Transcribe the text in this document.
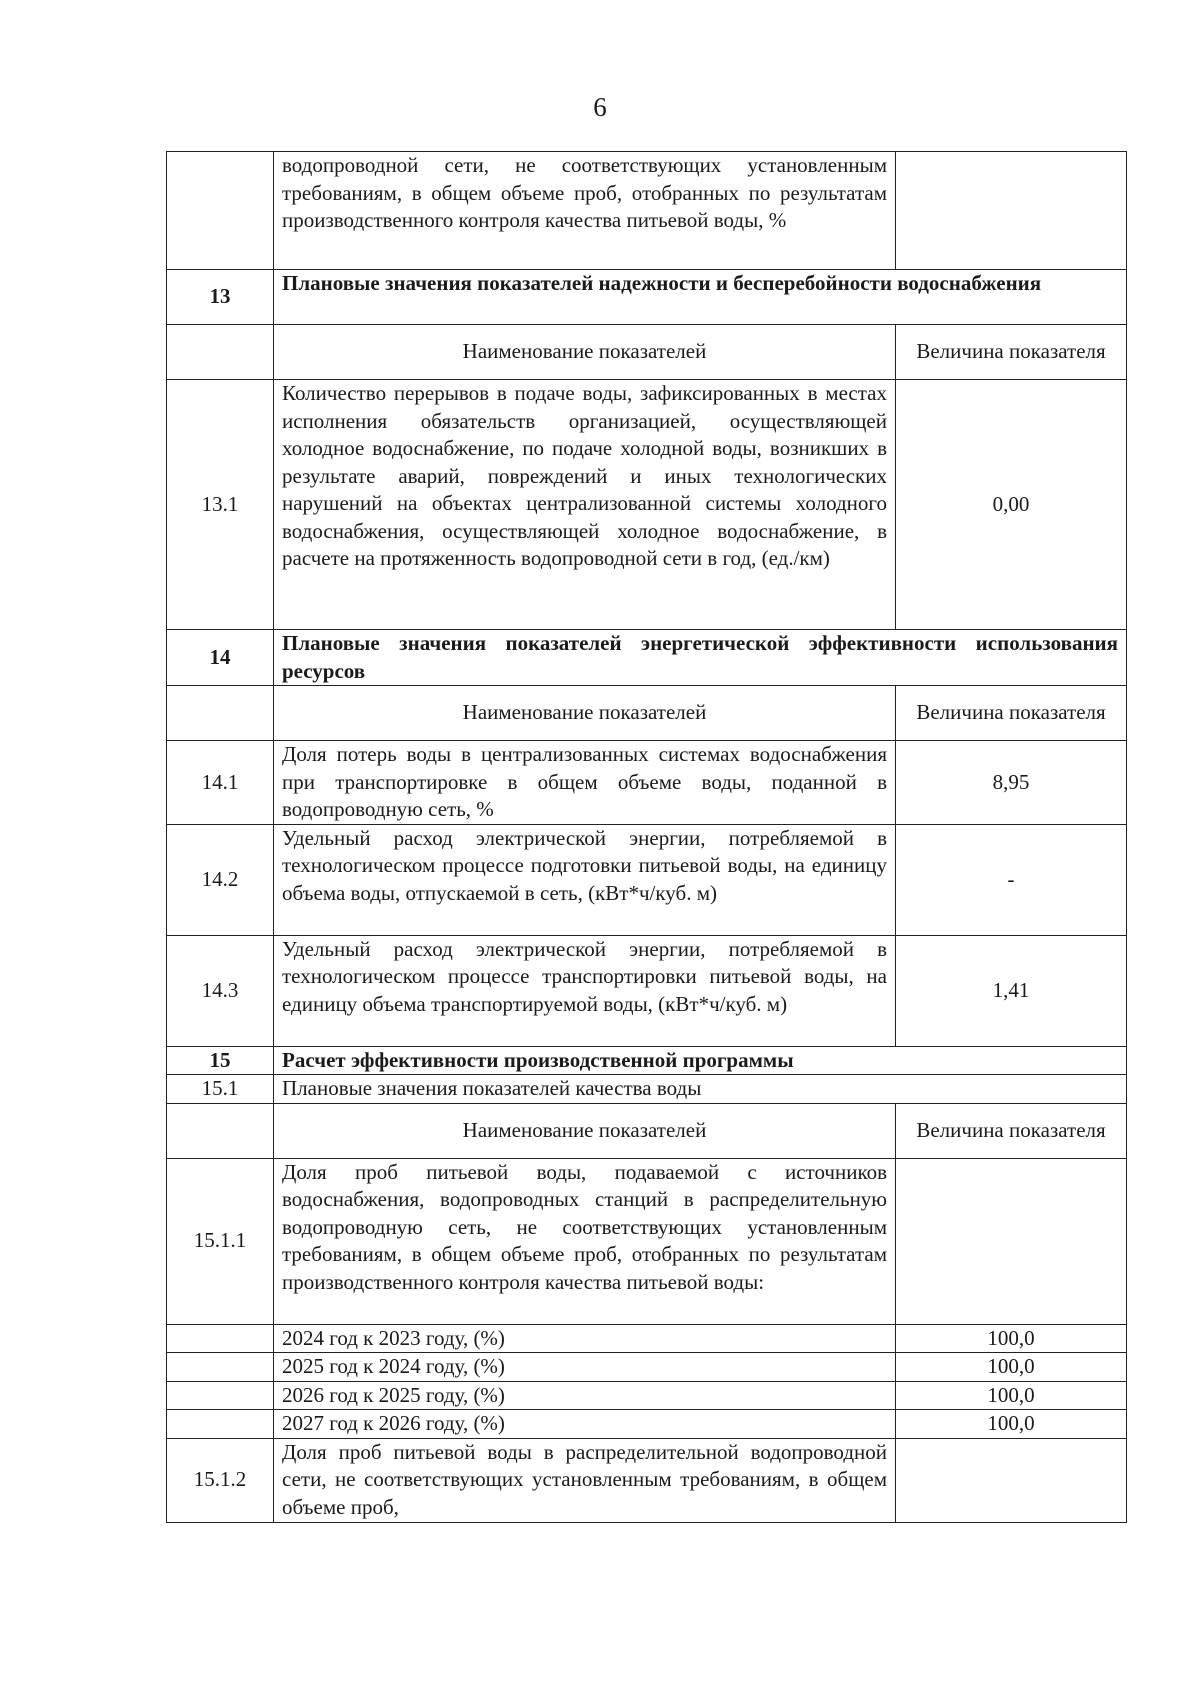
6
	водопроводной сети, не соответствующих установленным требованиям, в общем объеме проб, отобранных по результатам производственного контроля качества питьевой воды, %	
13	Плановые значения показателей надежности и бесперебойности водоснабжения	
	Наименование показателей	Величина показателя
13.1	Количество перерывов в подаче воды, зафиксированных в местах исполнения обязательств организацией, осуществляющей холодное водоснабжение, по подаче холодной воды, возникших в результате аварий, повреждений и иных технологических нарушений на объектах централизованной системы холодного водоснабжения, осуществляющей холодное водоснабжение, в расчете на протяженность водопроводной сети в год, (ед./км)	0,00
14	Плановые значения показателей энергетической эффективности использования ресурсов	
	Наименование показателей	Величина показателя
14.1	Доля потерь воды в централизованных системах водоснабжения при транспортировке в общем объеме воды, поданной в водопроводную сеть, %	8,95
14.2	Удельный расход электрической энергии, потребляемой в технологическом процессе подготовки питьевой воды, на единицу объема воды, отпускаемой в сеть, (кВт*ч/куб. м)	-
14.3	Удельный расход электрической энергии, потребляемой в технологическом процессе транспортировки питьевой воды, на единицу объема транспортируемой воды, (кВт*ч/куб. м)	1,41
15	Расчет эффективности производственной программы	
15.1	Плановые значения показателей качества воды	
	Наименование показателей	Величина показателя
15.1.1	Доля проб питьевой воды, подаваемой с источников водоснабжения, водопроводных станций в распределительную водопроводную сеть, не соответствующих установленным требованиям, в общем объеме проб, отобранных по результатам производственного контроля качества питьевой воды:	
	2024 год к 2023 году, (%)	100,0
	2025 год к 2024 году, (%)	100,0
	2026 год к 2025 году, (%)	100,0
	2027 год к 2026 году, (%)	100,0
15.1.2	Доля проб питьевой воды в распределительной водопроводной сети, не соответствующих установленным требованиям, в общем объеме проб,	
